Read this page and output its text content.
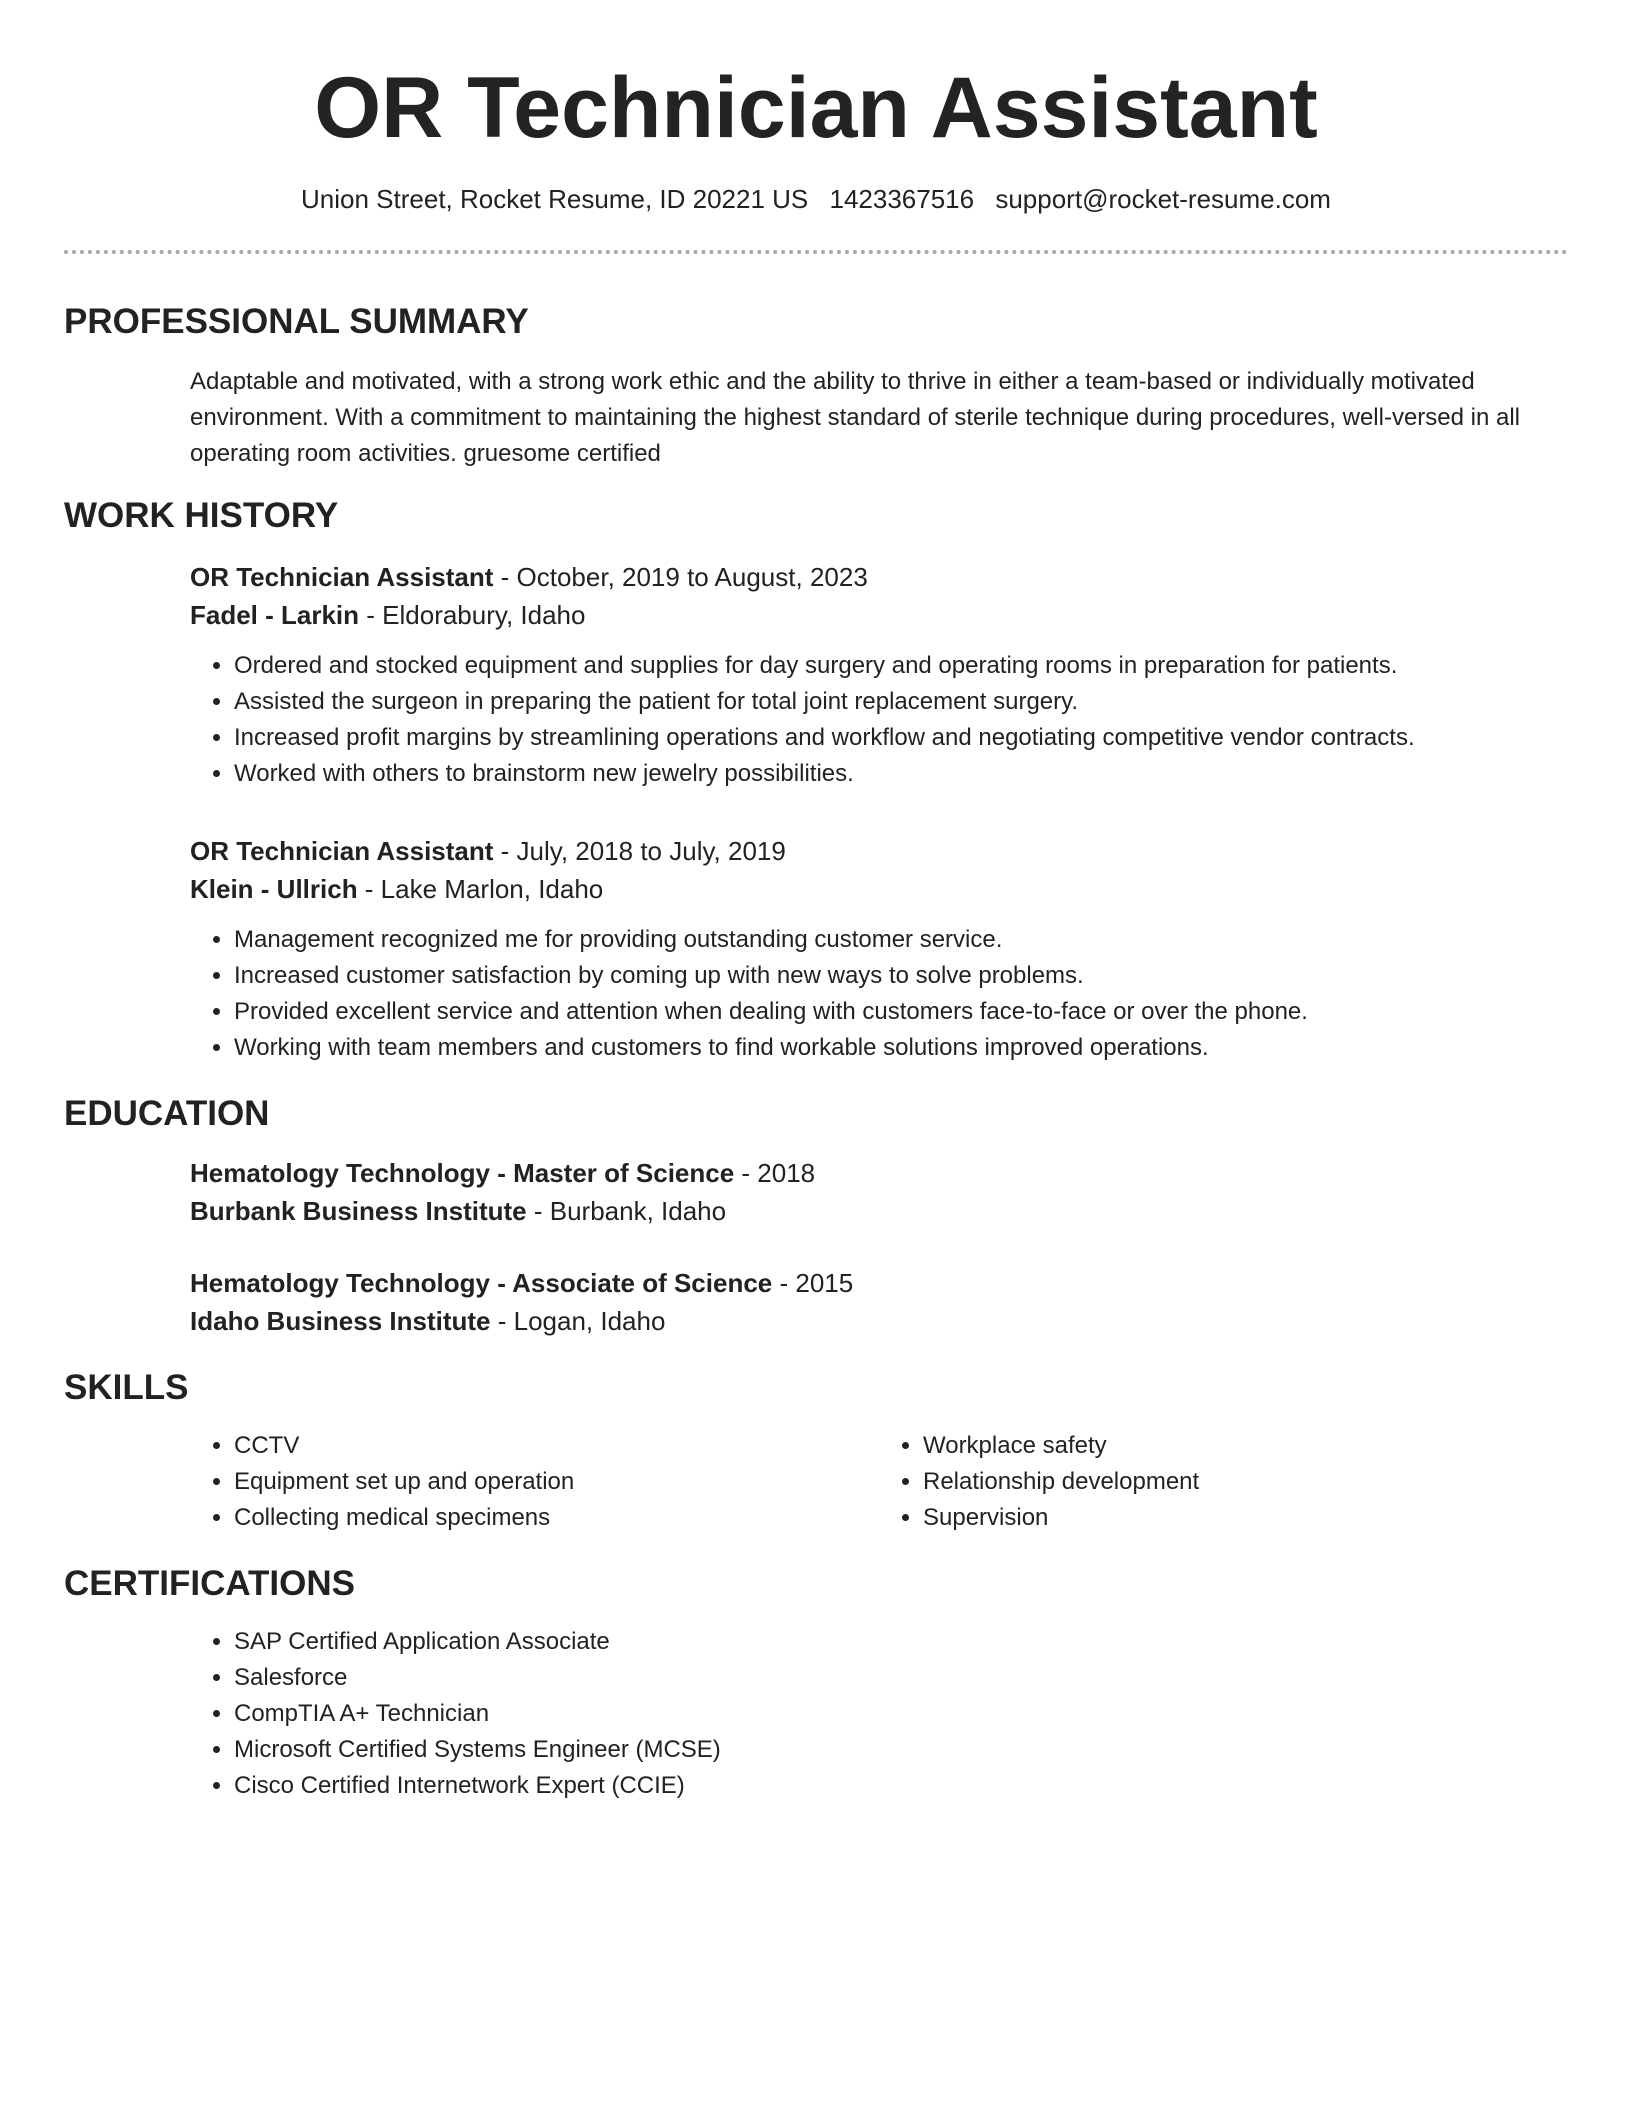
OR Technician Assistant
Union Street, Rocket Resume, ID 20221 US 1423367516 support@rocket-resume.com
PROFESSIONAL SUMMARY

Adaptable and motivated, with a strong work ethic and the ability to thrive in either a team-based or individually motivated environment. With a commitment to maintaining the highest standard of sterile technique during procedures, well-versed in all operating room activities. gruesome certified

WORK HISTORY

OR Technician Assistant - October, 2019 to August, 2023

Fadel - Larkin - Eldorabury, Idaho

• Ordered and stocked equipment and supplies for day surgery and operating rooms in preparation for patients.
• Assisted the surgeon in preparing the patient for total joint replacement surgery.
• Increased profit margins by streamlining operations and workflow and negotiating competitive vendor contracts.
• Worked with others to brainstorm new jewelry possibilities.

OR Technician Assistant - July, 2018 to July, 2019

Klein - Ullrich - Lake Marlon, Idaho

• Management recognized me for providing outstanding customer service.
• Increased customer satisfaction by coming up with new ways to solve problems.
• Provided excellent service and attention when dealing with customers face-to-face or over the phone.
• Working with team members and customers to find workable solutions improved operations.
EDUCATION

Hematology Technology - Master of Science - 2018

Burbank Business Institute - Burbank, Idaho

Hematology Technology - Associate of Science - 2015

Idaho Business Institute - Logan, Idaho

SKILLS
• CCTV
• Equipment set up and operation
• Collecting medical specimens
• Workplace safety
• Relationship development
• Supervision
CERTIFICATIONS
• SAP Certified Application Associate
• Salesforce
• CompTIA A+ Technician
• Microsoft Certified Systems Engineer (MCSE)
• Cisco Certified Internetwork Expert (CCIE)
